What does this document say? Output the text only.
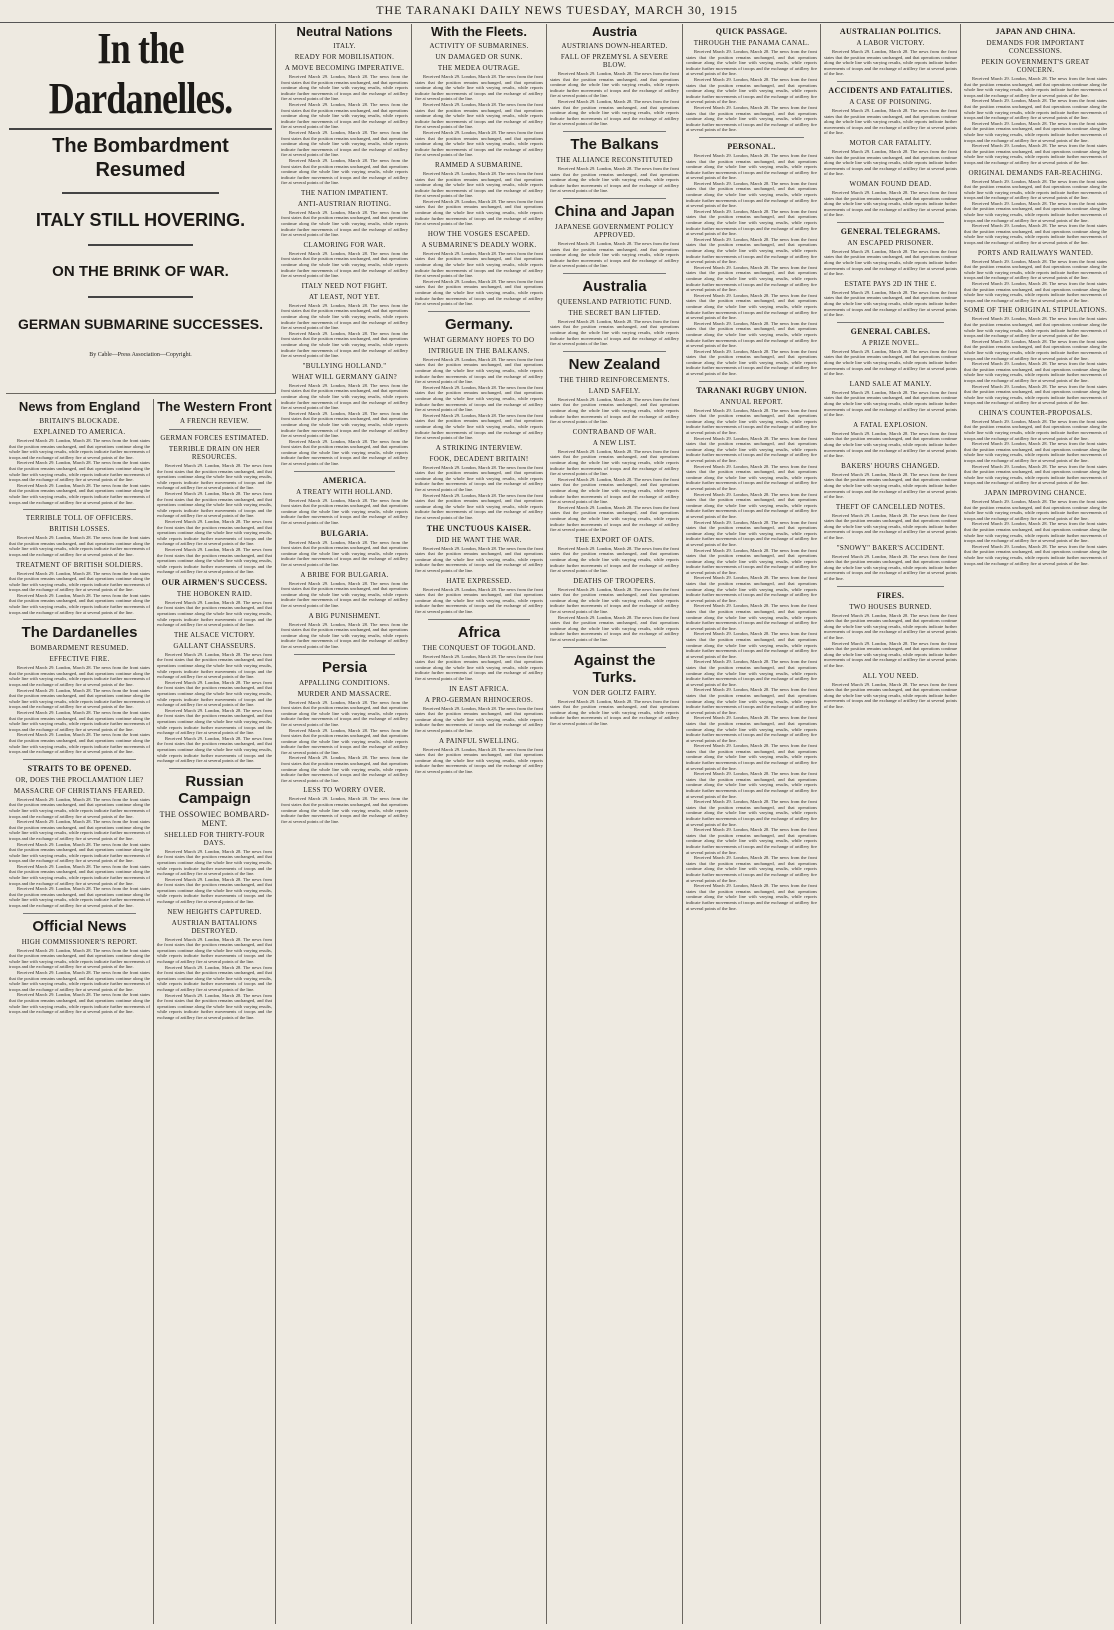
THE TARANAKI DAILY NEWS TUESDAY, MARCH 30, 1915
In the Dardanelles.
The Bombardment Resumed
ITALY STILL HOVERING.
ON THE BRINK OF WAR.
GERMAN SUBMARINE SUCCESSES.
By Cable—Press Association—Copyright.
News from England
BRITAIN'S BLOCKADE.
EXPLAINED TO AMERICA.

Received March 29. London, March 28. The news from the front states that the position remains unchanged, and that operations continue along the whole line with varying results, while reports indicate further movements of troops and the exchange of artillery fire at several points of the line.

Received March 29. London, March 28. The news from the front states that the position remains unchanged, and that operations continue along the whole line with varying results, while reports indicate further movements of troops and the exchange of artillery fire at several points of the line.

Received March 29. London, March 28. The news from the front states that the position remains unchanged, and that operations continue along the whole line with varying results, while reports indicate further movements of troops and the exchange of artillery fire at several points of the line.

TERRIBLE TOLL OF OFFICERS.
BRITISH LOSSES.

Received March 29. London, March 28. The news from the front states that the position remains unchanged, and that operations continue along the whole line with varying results, while reports indicate further movements of troops and the exchange of artillery fire at several points of the line.

TREATMENT OF BRITISH SOLDIERS.

Received March 29. London, March 28. The news from the front states that the position remains unchanged, and that operations continue along the whole line with varying results, while reports indicate further movements of troops and the exchange of artillery fire at several points of the line.

Received March 29. London, March 28. The news from the front states that the position remains unchanged, and that operations continue along the whole line with varying results, while reports indicate further movements of troops and the exchange of artillery fire at several points of the line.

The Dardanelles
BOMBARDMENT RESUMED.
EFFECTIVE FIRE.

Received March 29. London, March 28. The news from the front states that the position remains unchanged, and that operations continue along the whole line with varying results, while reports indicate further movements of troops and the exchange of artillery fire at several points of the line.

Received March 29. London, March 28. The news from the front states that the position remains unchanged, and that operations continue along the whole line with varying results, while reports indicate further movements of troops and the exchange of artillery fire at several points of the line.

Received March 29. London, March 28. The news from the front states that the position remains unchanged, and that operations continue along the whole line with varying results, while reports indicate further movements of troops and the exchange of artillery fire at several points of the line.

Received March 29. London, March 28. The news from the front states that the position remains unchanged, and that operations continue along the whole line with varying results, while reports indicate further movements of troops and the exchange of artillery fire at several points of the line.

STRAITS TO BE OPENED.
OR, DOES THE PROCLAMATION LIE?
MASSACRE OF CHRISTIANS FEARED.

Received March 29. London, March 28. The news from the front states that the position remains unchanged, and that operations continue along the whole line with varying results, while reports indicate further movements of troops and the exchange of artillery fire at several points of the line.

Received March 29. London, March 28. The news from the front states that the position remains unchanged, and that operations continue along the whole line with varying results, while reports indicate further movements of troops and the exchange of artillery fire at several points of the line.

Received March 29. London, March 28. The news from the front states that the position remains unchanged, and that operations continue along the whole line with varying results, while reports indicate further movements of troops and the exchange of artillery fire at several points of the line.

Received March 29. London, March 28. The news from the front states that the position remains unchanged, and that operations continue along the whole line with varying results, while reports indicate further movements of troops and the exchange of artillery fire at several points of the line.

Received March 29. London, March 28. The news from the front states that the position remains unchanged, and that operations continue along the whole line with varying results, while reports indicate further movements of troops and the exchange of artillery fire at several points of the line.

Official News
HIGH COMMISSIONER'S REPORT.

Received March 29. London, March 28. The news from the front states that the position remains unchanged, and that operations continue along the whole line with varying results, while reports indicate further movements of troops and the exchange of artillery fire at several points of the line.

Received March 29. London, March 28. The news from the front states that the position remains unchanged, and that operations continue along the whole line with varying results, while reports indicate further movements of troops and the exchange of artillery fire at several points of the line.

Received March 29. London, March 28. The news from the front states that the position remains unchanged, and that operations continue along the whole line with varying results, while reports indicate further movements of troops and the exchange of artillery fire at several points of the line.

The Western Front
A FRENCH REVIEW.
GERMAN FORCES ESTIMATED.
TERRIBLE DRAIN ON HER RESOURCES.

Received March 29. London, March 28. The news from the front states that the position remains unchanged, and that operations continue along the whole line with varying results, while reports indicate further movements of troops and the exchange of artillery fire at several points of the line.

Received March 29. London, March 28. The news from the front states that the position remains unchanged, and that operations continue along the whole line with varying results, while reports indicate further movements of troops and the exchange of artillery fire at several points of the line.

Received March 29. London, March 28. The news from the front states that the position remains unchanged, and that operations continue along the whole line with varying results, while reports indicate further movements of troops and the exchange of artillery fire at several points of the line.

Received March 29. London, March 28. The news from the front states that the position remains unchanged, and that operations continue along the whole line with varying results, while reports indicate further movements of troops and the exchange of artillery fire at several points of the line.

OUR AIRMEN'S SUCCESS.
THE HOBOKEN RAID.

Received March 29. London, March 28. The news from the front states that the position remains unchanged, and that operations continue along the whole line with varying results, while reports indicate further movements of troops and the exchange of artillery fire at several points of the line.

THE ALSACE VICTORY.
GALLANT CHASSEURS.

Received March 29. London, March 28. The news from the front states that the position remains unchanged, and that operations continue along the whole line with varying results, while reports indicate further movements of troops and the exchange of artillery fire at several points of the line.

Received March 29. London, March 28. The news from the front states that the position remains unchanged, and that operations continue along the whole line with varying results, while reports indicate further movements of troops and the exchange of artillery fire at several points of the line.

Received March 29. London, March 28. The news from the front states that the position remains unchanged, and that operations continue along the whole line with varying results, while reports indicate further movements of troops and the exchange of artillery fire at several points of the line.

Received March 29. London, March 28. The news from the front states that the position remains unchanged, and that operations continue along the whole line with varying results, while reports indicate further movements of troops and the exchange of artillery fire at several points of the line.

Russian Campaign
THE OSSOWIEC BOMBARD-MENT.
SHELLED FOR THIRTY-FOUR DAYS.

Received March 29. London, March 28. The news from the front states that the position remains unchanged, and that operations continue along the whole line with varying results, while reports indicate further movements of troops and the exchange of artillery fire at several points of the line.

Received March 29. London, March 28. The news from the front states that the position remains unchanged, and that operations continue along the whole line with varying results, while reports indicate further movements of troops and the exchange of artillery fire at several points of the line.

NEW HEIGHTS CAPTURED.
AUSTRIAN BATTALIONS DESTROYED.

Received March 29. London, March 28. The news from the front states that the position remains unchanged, and that operations continue along the whole line with varying results, while reports indicate further movements of troops and the exchange of artillery fire at several points of the line.

Received March 29. London, March 28. The news from the front states that the position remains unchanged, and that operations continue along the whole line with varying results, while reports indicate further movements of troops and the exchange of artillery fire at several points of the line.

Received March 29. London, March 28. The news from the front states that the position remains unchanged, and that operations continue along the whole line with varying results, while reports indicate further movements of troops and the exchange of artillery fire at several points of the line.

Neutral Nations
ITALY.
READY FOR MOBILISATION.
A MOVE BECOMING IMPERATIVE.

Received March 29. London, March 28. The news from the front states that the position remains unchanged, and that operations continue along the whole line with varying results, while reports indicate further movements of troops and the exchange of artillery fire at several points of the line.

Received March 29. London, March 28. The news from the front states that the position remains unchanged, and that operations continue along the whole line with varying results, while reports indicate further movements of troops and the exchange of artillery fire at several points of the line.

Received March 29. London, March 28. The news from the front states that the position remains unchanged, and that operations continue along the whole line with varying results, while reports indicate further movements of troops and the exchange of artillery fire at several points of the line.

Received March 29. London, March 28. The news from the front states that the position remains unchanged, and that operations continue along the whole line with varying results, while reports indicate further movements of troops and the exchange of artillery fire at several points of the line.

THE NATION IMPATIENT.
ANTI-AUSTRIAN RIOTING.

Received March 29. London, March 28. The news from the front states that the position remains unchanged, and that operations continue along the whole line with varying results, while reports indicate further movements of troops and the exchange of artillery fire at several points of the line.

CLAMORING FOR WAR.

Received March 29. London, March 28. The news from the front states that the position remains unchanged, and that operations continue along the whole line with varying results, while reports indicate further movements of troops and the exchange of artillery fire at several points of the line.

ITALY NEED NOT FIGHT.
AT LEAST, NOT YET.

Received March 29. London, March 28. The news from the front states that the position remains unchanged, and that operations continue along the whole line with varying results, while reports indicate further movements of troops and the exchange of artillery fire at several points of the line.

Received March 29. London, March 28. The news from the front states that the position remains unchanged, and that operations continue along the whole line with varying results, while reports indicate further movements of troops and the exchange of artillery fire at several points of the line.

"BULLYING HOLLAND."
WHAT WILL GERMANY GAIN?

Received March 29. London, March 28. The news from the front states that the position remains unchanged, and that operations continue along the whole line with varying results, while reports indicate further movements of troops and the exchange of artillery fire at several points of the line.

Received March 29. London, March 28. The news from the front states that the position remains unchanged, and that operations continue along the whole line with varying results, while reports indicate further movements of troops and the exchange of artillery fire at several points of the line.

Received March 29. London, March 28. The news from the front states that the position remains unchanged, and that operations continue along the whole line with varying results, while reports indicate further movements of troops and the exchange of artillery fire at several points of the line.

AMERICA.
A TREATY WITH HOLLAND.

Received March 29. London, March 28. The news from the front states that the position remains unchanged, and that operations continue along the whole line with varying results, while reports indicate further movements of troops and the exchange of artillery fire at several points of the line.

BULGARIA.

Received March 29. London, March 28. The news from the front states that the position remains unchanged, and that operations continue along the whole line with varying results, while reports indicate further movements of troops and the exchange of artillery fire at several points of the line.

A BRIBE FOR BULGARIA.

Received March 29. London, March 28. The news from the front states that the position remains unchanged, and that operations continue along the whole line with varying results, while reports indicate further movements of troops and the exchange of artillery fire at several points of the line.

A BIG PUNISHMENT.

Received March 29. London, March 28. The news from the front states that the position remains unchanged, and that operations continue along the whole line with varying results, while reports indicate further movements of troops and the exchange of artillery fire at several points of the line.

Persia
APPALLING CONDITIONS.
MURDER AND MASSACRE.

Received March 29. London, March 28. The news from the front states that the position remains unchanged, and that operations continue along the whole line with varying results, while reports indicate further movements of troops and the exchange of artillery fire at several points of the line.

Received March 29. London, March 28. The news from the front states that the position remains unchanged, and that operations continue along the whole line with varying results, while reports indicate further movements of troops and the exchange of artillery fire at several points of the line.

Received March 29. London, March 28. The news from the front states that the position remains unchanged, and that operations continue along the whole line with varying results, while reports indicate further movements of troops and the exchange of artillery fire at several points of the line.

LESS TO WORRY OVER.

Received March 29. London, March 28. The news from the front states that the position remains unchanged, and that operations continue along the whole line with varying results, while reports indicate further movements of troops and the exchange of artillery fire at several points of the line.

With the Fleets.
ACTIVITY OF SUBMARINES.
UN DAMAGED OR SUNK.
THE MEDEA OUTRAGE.

Received March 29. London, March 28. The news from the front states that the position remains unchanged, and that operations continue along the whole line with varying results, while reports indicate further movements of troops and the exchange of artillery fire at several points of the line.

Received March 29. London, March 28. The news from the front states that the position remains unchanged, and that operations continue along the whole line with varying results, while reports indicate further movements of troops and the exchange of artillery fire at several points of the line.

Received March 29. London, March 28. The news from the front states that the position remains unchanged, and that operations continue along the whole line with varying results, while reports indicate further movements of troops and the exchange of artillery fire at several points of the line.

RAMMED A SUBMARINE.

Received March 29. London, March 28. The news from the front states that the position remains unchanged, and that operations continue along the whole line with varying results, while reports indicate further movements of troops and the exchange of artillery fire at several points of the line.

Received March 29. London, March 28. The news from the front states that the position remains unchanged, and that operations continue along the whole line with varying results, while reports indicate further movements of troops and the exchange of artillery fire at several points of the line.

HOW THE VOSGES ESCAPED.
A SUBMARINE'S DEADLY WORK.

Received March 29. London, March 28. The news from the front states that the position remains unchanged, and that operations continue along the whole line with varying results, while reports indicate further movements of troops and the exchange of artillery fire at several points of the line.

Received March 29. London, March 28. The news from the front states that the position remains unchanged, and that operations continue along the whole line with varying results, while reports indicate further movements of troops and the exchange of artillery fire at several points of the line.

Germany.
WHAT GERMANY HOPES TO DO
INTRIGUE IN THE BALKANS.

Received March 29. London, March 28. The news from the front states that the position remains unchanged, and that operations continue along the whole line with varying results, while reports indicate further movements of troops and the exchange of artillery fire at several points of the line.

Received March 29. London, March 28. The news from the front states that the position remains unchanged, and that operations continue along the whole line with varying results, while reports indicate further movements of troops and the exchange of artillery fire at several points of the line.

Received March 29. London, March 28. The news from the front states that the position remains unchanged, and that operations continue along the whole line with varying results, while reports indicate further movements of troops and the exchange of artillery fire at several points of the line.

A STRIKING INTERVIEW.
FOOK, DECADENT BRITAIN!

Received March 29. London, March 28. The news from the front states that the position remains unchanged, and that operations continue along the whole line with varying results, while reports indicate further movements of troops and the exchange of artillery fire at several points of the line.

Received March 29. London, March 28. The news from the front states that the position remains unchanged, and that operations continue along the whole line with varying results, while reports indicate further movements of troops and the exchange of artillery fire at several points of the line.

THE UNCTUOUS KAISER.
DID HE WANT THE WAR.

Received March 29. London, March 28. The news from the front states that the position remains unchanged, and that operations continue along the whole line with varying results, while reports indicate further movements of troops and the exchange of artillery fire at several points of the line.

HATE EXPRESSED.

Received March 29. London, March 28. The news from the front states that the position remains unchanged, and that operations continue along the whole line with varying results, while reports indicate further movements of troops and the exchange of artillery fire at several points of the line.

Africa
THE CONQUEST OF TOGOLAND.

Received March 29. London, March 28. The news from the front states that the position remains unchanged, and that operations continue along the whole line with varying results, while reports indicate further movements of troops and the exchange of artillery fire at several points of the line.

IN EAST AFRICA.
A PRO-GERMAN RHINOCEROS.

Received March 29. London, March 28. The news from the front states that the position remains unchanged, and that operations continue along the whole line with varying results, while reports indicate further movements of troops and the exchange of artillery fire at several points of the line.

A PAINFUL SWELLING.

Received March 29. London, March 28. The news from the front states that the position remains unchanged, and that operations continue along the whole line with varying results, while reports indicate further movements of troops and the exchange of artillery fire at several points of the line.

Austria
AUSTRIANS DOWN-HEARTED.
FALL OF PRZEMYSL A SEVERE BLOW.

Received March 29. London, March 28. The news from the front states that the position remains unchanged, and that operations continue along the whole line with varying results, while reports indicate further movements of troops and the exchange of artillery fire at several points of the line.

Received March 29. London, March 28. The news from the front states that the position remains unchanged, and that operations continue along the whole line with varying results, while reports indicate further movements of troops and the exchange of artillery fire at several points of the line.

The Balkans
THE ALLIANCE RECONSTITUTED

Received March 29. London, March 28. The news from the front states that the position remains unchanged, and that operations continue along the whole line with varying results, while reports indicate further movements of troops and the exchange of artillery fire at several points of the line.

China and Japan
JAPANESE GOVERNMENT POLICY APPROVED.

Received March 29. London, March 28. The news from the front states that the position remains unchanged, and that operations continue along the whole line with varying results, while reports indicate further movements of troops and the exchange of artillery fire at several points of the line.

Australia
QUEENSLAND PATRIOTIC FUND.
THE SECRET BAN LIFTED.

Received March 29. London, March 28. The news from the front states that the position remains unchanged, and that operations continue along the whole line with varying results, while reports indicate further movements of troops and the exchange of artillery fire at several points of the line.

New Zealand
THE THIRD REINFORCEMENTS.
LAND SAFELY.

Received March 29. London, March 28. The news from the front states that the position remains unchanged, and that operations continue along the whole line with varying results, while reports indicate further movements of troops and the exchange of artillery fire at several points of the line.

CONTRABAND OF WAR.
A NEW LIST.

Received March 29. London, March 28. The news from the front states that the position remains unchanged, and that operations continue along the whole line with varying results, while reports indicate further movements of troops and the exchange of artillery fire at several points of the line.

Received March 29. London, March 28. The news from the front states that the position remains unchanged, and that operations continue along the whole line with varying results, while reports indicate further movements of troops and the exchange of artillery fire at several points of the line.

Received March 29. London, March 28. The news from the front states that the position remains unchanged, and that operations continue along the whole line with varying results, while reports indicate further movements of troops and the exchange of artillery fire at several points of the line.

THE EXPORT OF OATS.

Received March 29. London, March 28. The news from the front states that the position remains unchanged, and that operations continue along the whole line with varying results, while reports indicate further movements of troops and the exchange of artillery fire at several points of the line.

DEATHS OF TROOPERS.

Received March 29. London, March 28. The news from the front states that the position remains unchanged, and that operations continue along the whole line with varying results, while reports indicate further movements of troops and the exchange of artillery fire at several points of the line.

Received March 29. London, March 28. The news from the front states that the position remains unchanged, and that operations continue along the whole line with varying results, while reports indicate further movements of troops and the exchange of artillery fire at several points of the line.

Against the Turks.
VON DER GOLTZ FAIRY.

Received March 29. London, March 28. The news from the front states that the position remains unchanged, and that operations continue along the whole line with varying results, while reports indicate further movements of troops and the exchange of artillery fire at several points of the line.

QUICK PASSAGE.
THROUGH THE PANAMA CANAL.

Received March 29. London, March 28. The news from the front states that the position remains unchanged, and that operations continue along the whole line with varying results, while reports indicate further movements of troops and the exchange of artillery fire at several points of the line.

Received March 29. London, March 28. The news from the front states that the position remains unchanged, and that operations continue along the whole line with varying results, while reports indicate further movements of troops and the exchange of artillery fire at several points of the line.

Received March 29. London, March 28. The news from the front states that the position remains unchanged, and that operations continue along the whole line with varying results, while reports indicate further movements of troops and the exchange of artillery fire at several points of the line.

PERSONAL.

Received March 29. London, March 28. The news from the front states that the position remains unchanged, and that operations continue along the whole line with varying results, while reports indicate further movements of troops and the exchange of artillery fire at several points of the line.

Received March 29. London, March 28. The news from the front states that the position remains unchanged, and that operations continue along the whole line with varying results, while reports indicate further movements of troops and the exchange of artillery fire at several points of the line.

Received March 29. London, March 28. The news from the front states that the position remains unchanged, and that operations continue along the whole line with varying results, while reports indicate further movements of troops and the exchange of artillery fire at several points of the line.

Received March 29. London, March 28. The news from the front states that the position remains unchanged, and that operations continue along the whole line with varying results, while reports indicate further movements of troops and the exchange of artillery fire at several points of the line.

Received March 29. London, March 28. The news from the front states that the position remains unchanged, and that operations continue along the whole line with varying results, while reports indicate further movements of troops and the exchange of artillery fire at several points of the line.

Received March 29. London, March 28. The news from the front states that the position remains unchanged, and that operations continue along the whole line with varying results, while reports indicate further movements of troops and the exchange of artillery fire at several points of the line.

Received March 29. London, March 28. The news from the front states that the position remains unchanged, and that operations continue along the whole line with varying results, while reports indicate further movements of troops and the exchange of artillery fire at several points of the line.

Received March 29. London, March 28. The news from the front states that the position remains unchanged, and that operations continue along the whole line with varying results, while reports indicate further movements of troops and the exchange of artillery fire at several points of the line.

TARANAKI RUGBY UNION.
ANNUAL REPORT.

Received March 29. London, March 28. The news from the front states that the position remains unchanged, and that operations continue along the whole line with varying results, while reports indicate further movements of troops and the exchange of artillery fire at several points of the line.

Received March 29. London, March 28. The news from the front states that the position remains unchanged, and that operations continue along the whole line with varying results, while reports indicate further movements of troops and the exchange of artillery fire at several points of the line.

Received March 29. London, March 28. The news from the front states that the position remains unchanged, and that operations continue along the whole line with varying results, while reports indicate further movements of troops and the exchange of artillery fire at several points of the line.

Received March 29. London, March 28. The news from the front states that the position remains unchanged, and that operations continue along the whole line with varying results, while reports indicate further movements of troops and the exchange of artillery fire at several points of the line.

Received March 29. London, March 28. The news from the front states that the position remains unchanged, and that operations continue along the whole line with varying results, while reports indicate further movements of troops and the exchange of artillery fire at several points of the line.

Received March 29. London, March 28. The news from the front states that the position remains unchanged, and that operations continue along the whole line with varying results, while reports indicate further movements of troops and the exchange of artillery fire at several points of the line.

Received March 29. London, March 28. The news from the front states that the position remains unchanged, and that operations continue along the whole line with varying results, while reports indicate further movements of troops and the exchange of artillery fire at several points of the line.

Received March 29. London, March 28. The news from the front states that the position remains unchanged, and that operations continue along the whole line with varying results, while reports indicate further movements of troops and the exchange of artillery fire at several points of the line.

Received March 29. London, March 28. The news from the front states that the position remains unchanged, and that operations continue along the whole line with varying results, while reports indicate further movements of troops and the exchange of artillery fire at several points of the line.

Received March 29. London, March 28. The news from the front states that the position remains unchanged, and that operations continue along the whole line with varying results, while reports indicate further movements of troops and the exchange of artillery fire at several points of the line.

Received March 29. London, March 28. The news from the front states that the position remains unchanged, and that operations continue along the whole line with varying results, while reports indicate further movements of troops and the exchange of artillery fire at several points of the line.

Received March 29. London, March 28. The news from the front states that the position remains unchanged, and that operations continue along the whole line with varying results, while reports indicate further movements of troops and the exchange of artillery fire at several points of the line.

Received March 29. London, March 28. The news from the front states that the position remains unchanged, and that operations continue along the whole line with varying results, while reports indicate further movements of troops and the exchange of artillery fire at several points of the line.

Received March 29. London, March 28. The news from the front states that the position remains unchanged, and that operations continue along the whole line with varying results, while reports indicate further movements of troops and the exchange of artillery fire at several points of the line.

Received March 29. London, March 28. The news from the front states that the position remains unchanged, and that operations continue along the whole line with varying results, while reports indicate further movements of troops and the exchange of artillery fire at several points of the line.

Received March 29. London, March 28. The news from the front states that the position remains unchanged, and that operations continue along the whole line with varying results, while reports indicate further movements of troops and the exchange of artillery fire at several points of the line.

Received March 29. London, March 28. The news from the front states that the position remains unchanged, and that operations continue along the whole line with varying results, while reports indicate further movements of troops and the exchange of artillery fire at several points of the line.

Received March 29. London, March 28. The news from the front states that the position remains unchanged, and that operations continue along the whole line with varying results, while reports indicate further movements of troops and the exchange of artillery fire at several points of the line.

AUSTRALIAN POLITICS.
A LABOR VICTORY.

Received March 29. London, March 28. The news from the front states that the position remains unchanged, and that operations continue along the whole line with varying results, while reports indicate further movements of troops and the exchange of artillery fire at several points of the line.

ACCIDENTS AND FATALITIES.
A CASE OF POISONING.

Received March 29. London, March 28. The news from the front states that the position remains unchanged, and that operations continue along the whole line with varying results, while reports indicate further movements of troops and the exchange of artillery fire at several points of the line.

MOTOR CAR FATALITY.

Received March 29. London, March 28. The news from the front states that the position remains unchanged, and that operations continue along the whole line with varying results, while reports indicate further movements of troops and the exchange of artillery fire at several points of the line.

WOMAN FOUND DEAD.

Received March 29. London, March 28. The news from the front states that the position remains unchanged, and that operations continue along the whole line with varying results, while reports indicate further movements of troops and the exchange of artillery fire at several points of the line.

GENERAL TELEGRAMS.
AN ESCAPED PRISONER.

Received March 29. London, March 28. The news from the front states that the position remains unchanged, and that operations continue along the whole line with varying results, while reports indicate further movements of troops and the exchange of artillery fire at several points of the line.

ESTATE PAYS 2D IN THE £.

Received March 29. London, March 28. The news from the front states that the position remains unchanged, and that operations continue along the whole line with varying results, while reports indicate further movements of troops and the exchange of artillery fire at several points of the line.

GENERAL CABLES.
A PRIZE NOVEL.

Received March 29. London, March 28. The news from the front states that the position remains unchanged, and that operations continue along the whole line with varying results, while reports indicate further movements of troops and the exchange of artillery fire at several points of the line.

LAND SALE AT MANLY.

Received March 29. London, March 28. The news from the front states that the position remains unchanged, and that operations continue along the whole line with varying results, while reports indicate further movements of troops and the exchange of artillery fire at several points of the line.

A FATAL EXPLOSION.

Received March 29. London, March 28. The news from the front states that the position remains unchanged, and that operations continue along the whole line with varying results, while reports indicate further movements of troops and the exchange of artillery fire at several points of the line.

BAKERS' HOURS CHANGED.

Received March 29. London, March 28. The news from the front states that the position remains unchanged, and that operations continue along the whole line with varying results, while reports indicate further movements of troops and the exchange of artillery fire at several points of the line.

THEFT OF CANCELLED NOTES.

Received March 29. London, March 28. The news from the front states that the position remains unchanged, and that operations continue along the whole line with varying results, while reports indicate further movements of troops and the exchange of artillery fire at several points of the line.

"SNOWY" BAKER'S ACCIDENT.

Received March 29. London, March 28. The news from the front states that the position remains unchanged, and that operations continue along the whole line with varying results, while reports indicate further movements of troops and the exchange of artillery fire at several points of the line.

FIRES.
TWO HOUSES BURNED.

Received March 29. London, March 28. The news from the front states that the position remains unchanged, and that operations continue along the whole line with varying results, while reports indicate further movements of troops and the exchange of artillery fire at several points of the line.

Received March 29. London, March 28. The news from the front states that the position remains unchanged, and that operations continue along the whole line with varying results, while reports indicate further movements of troops and the exchange of artillery fire at several points of the line.

ALL YOU NEED.

Received March 29. London, March 28. The news from the front states that the position remains unchanged, and that operations continue along the whole line with varying results, while reports indicate further movements of troops and the exchange of artillery fire at several points of the line.

JAPAN AND CHINA.
DEMANDS FOR IMPORTANT CONCESSIONS.
PEKIN GOVERNMENT'S GREAT CONCERN.

Received March 29. London, March 28. The news from the front states that the position remains unchanged, and that operations continue along the whole line with varying results, while reports indicate further movements of troops and the exchange of artillery fire at several points of the line.

Received March 29. London, March 28. The news from the front states that the position remains unchanged, and that operations continue along the whole line with varying results, while reports indicate further movements of troops and the exchange of artillery fire at several points of the line.

Received March 29. London, March 28. The news from the front states that the position remains unchanged, and that operations continue along the whole line with varying results, while reports indicate further movements of troops and the exchange of artillery fire at several points of the line.

Received March 29. London, March 28. The news from the front states that the position remains unchanged, and that operations continue along the whole line with varying results, while reports indicate further movements of troops and the exchange of artillery fire at several points of the line.

ORIGINAL DEMANDS FAR-REACHING.

Received March 29. London, March 28. The news from the front states that the position remains unchanged, and that operations continue along the whole line with varying results, while reports indicate further movements of troops and the exchange of artillery fire at several points of the line.

Received March 29. London, March 28. The news from the front states that the position remains unchanged, and that operations continue along the whole line with varying results, while reports indicate further movements of troops and the exchange of artillery fire at several points of the line.

Received March 29. London, March 28. The news from the front states that the position remains unchanged, and that operations continue along the whole line with varying results, while reports indicate further movements of troops and the exchange of artillery fire at several points of the line.

PORTS AND RAILWAYS WANTED.

Received March 29. London, March 28. The news from the front states that the position remains unchanged, and that operations continue along the whole line with varying results, while reports indicate further movements of troops and the exchange of artillery fire at several points of the line.

Received March 29. London, March 28. The news from the front states that the position remains unchanged, and that operations continue along the whole line with varying results, while reports indicate further movements of troops and the exchange of artillery fire at several points of the line.

SOME OF THE ORIGINAL STIPULATIONS.

Received March 29. London, March 28. The news from the front states that the position remains unchanged, and that operations continue along the whole line with varying results, while reports indicate further movements of troops and the exchange of artillery fire at several points of the line.

Received March 29. London, March 28. The news from the front states that the position remains unchanged, and that operations continue along the whole line with varying results, while reports indicate further movements of troops and the exchange of artillery fire at several points of the line.

Received March 29. London, March 28. The news from the front states that the position remains unchanged, and that operations continue along the whole line with varying results, while reports indicate further movements of troops and the exchange of artillery fire at several points of the line.

Received March 29. London, March 28. The news from the front states that the position remains unchanged, and that operations continue along the whole line with varying results, while reports indicate further movements of troops and the exchange of artillery fire at several points of the line.

CHINA'S COUNTER-PROPOSALS.

Received March 29. London, March 28. The news from the front states that the position remains unchanged, and that operations continue along the whole line with varying results, while reports indicate further movements of troops and the exchange of artillery fire at several points of the line.

Received March 29. London, March 28. The news from the front states that the position remains unchanged, and that operations continue along the whole line with varying results, while reports indicate further movements of troops and the exchange of artillery fire at several points of the line.

Received March 29. London, March 28. The news from the front states that the position remains unchanged, and that operations continue along the whole line with varying results, while reports indicate further movements of troops and the exchange of artillery fire at several points of the line.

JAPAN IMPROVING CHANCE.

Received March 29. London, March 28. The news from the front states that the position remains unchanged, and that operations continue along the whole line with varying results, while reports indicate further movements of troops and the exchange of artillery fire at several points of the line.

Received March 29. London, March 28. The news from the front states that the position remains unchanged, and that operations continue along the whole line with varying results, while reports indicate further movements of troops and the exchange of artillery fire at several points of the line.

Received March 29. London, March 28. The news from the front states that the position remains unchanged, and that operations continue along the whole line with varying results, while reports indicate further movements of troops and the exchange of artillery fire at several points of the line.
